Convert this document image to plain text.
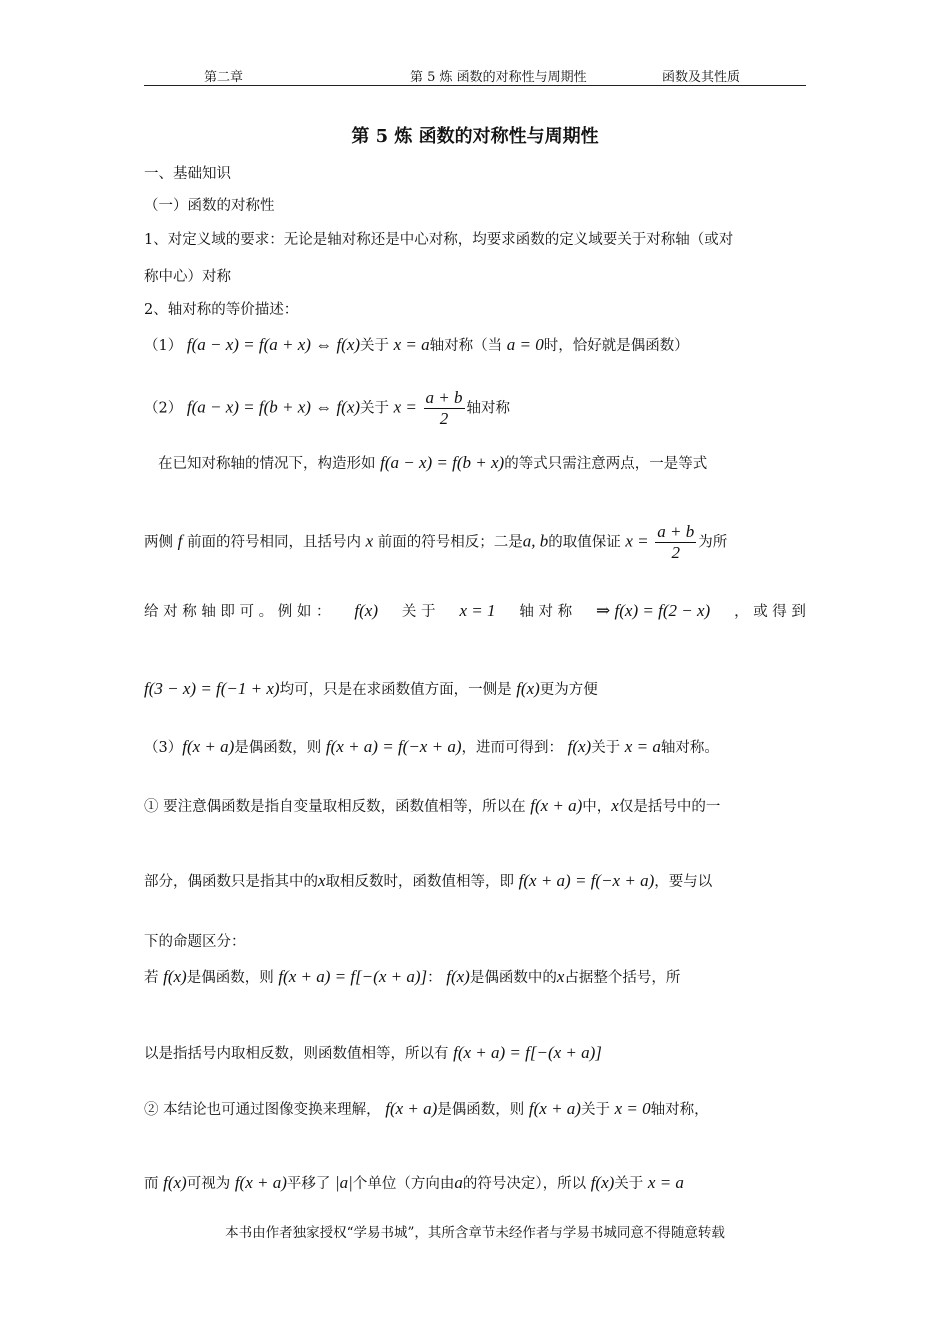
第二章	第 5 炼 函数的对称性与周期性	函数及其性质
第 5 炼 函数的对称性与周期性
一、基础知识
（一）函数的对称性
1、对定义域的要求：无论是轴对称还是中心对称，均要求函数的定义域要关于对称轴（或对
称中心）对称
2、轴对称的等价描述：
（1） f(a − x) = f(a + x) ⇔ f(x)关于 x = a轴对称（当 a = 0时，恰好就是偶函数）
（2） f(a − x) = f(b + x) ⇔ f(x)关于 $x = \frac{a + b}{2}$ 轴对称
在已知对称轴的情况下，构造形如 f(a − x) = f(b + x)的等式只需注意两点，一是等式
两侧 f 前面的符号相同，且括号内 x 前面的符号相反；二是a, b的取值保证 $x = \frac{a + b}{2}$ 为所
给 对 称 轴 即 可 。 例 如 ： f(x) 关 于 x = 1 轴 对 称 ⇒ f(x) = f(2 − x) ， 或 得 到
f(3 − x) = f(−1 + x)均可，只是在求函数值方面，一侧是 f(x)更为方便
（3）f(x + a)是偶函数，则 f(x + a) = f(−x + a)，进而可得到： f(x)关于 x = a轴对称。
① 要注意偶函数是指自变量取相反数，函数值相等，所以在 f(x + a)中，x仅是括号中的一
部分，偶函数只是指其中的x取相反数时，函数值相等，即 f(x + a) = f(−x + a)，要与以
下的命题区分：
若 f(x)是偶函数，则 f(x + a) = f[−(x + a)]： f(x)是偶函数中的x占据整个括号，所
以是指括号内取相反数，则函数值相等，所以有 f(x + a) = f[−(x + a)]
② 本结论也可通过图像变换来理解， f(x + a)是偶函数，则 f(x + a)关于 x = 0轴对称，
而 f(x)可视为 f(x + a)平移了 |a|个单位（方向由a的符号决定），所以 f(x)关于 x = a
本书由作者独家授权“学易书城”，其所含章节未经作者与学易书城同意不得随意转载
